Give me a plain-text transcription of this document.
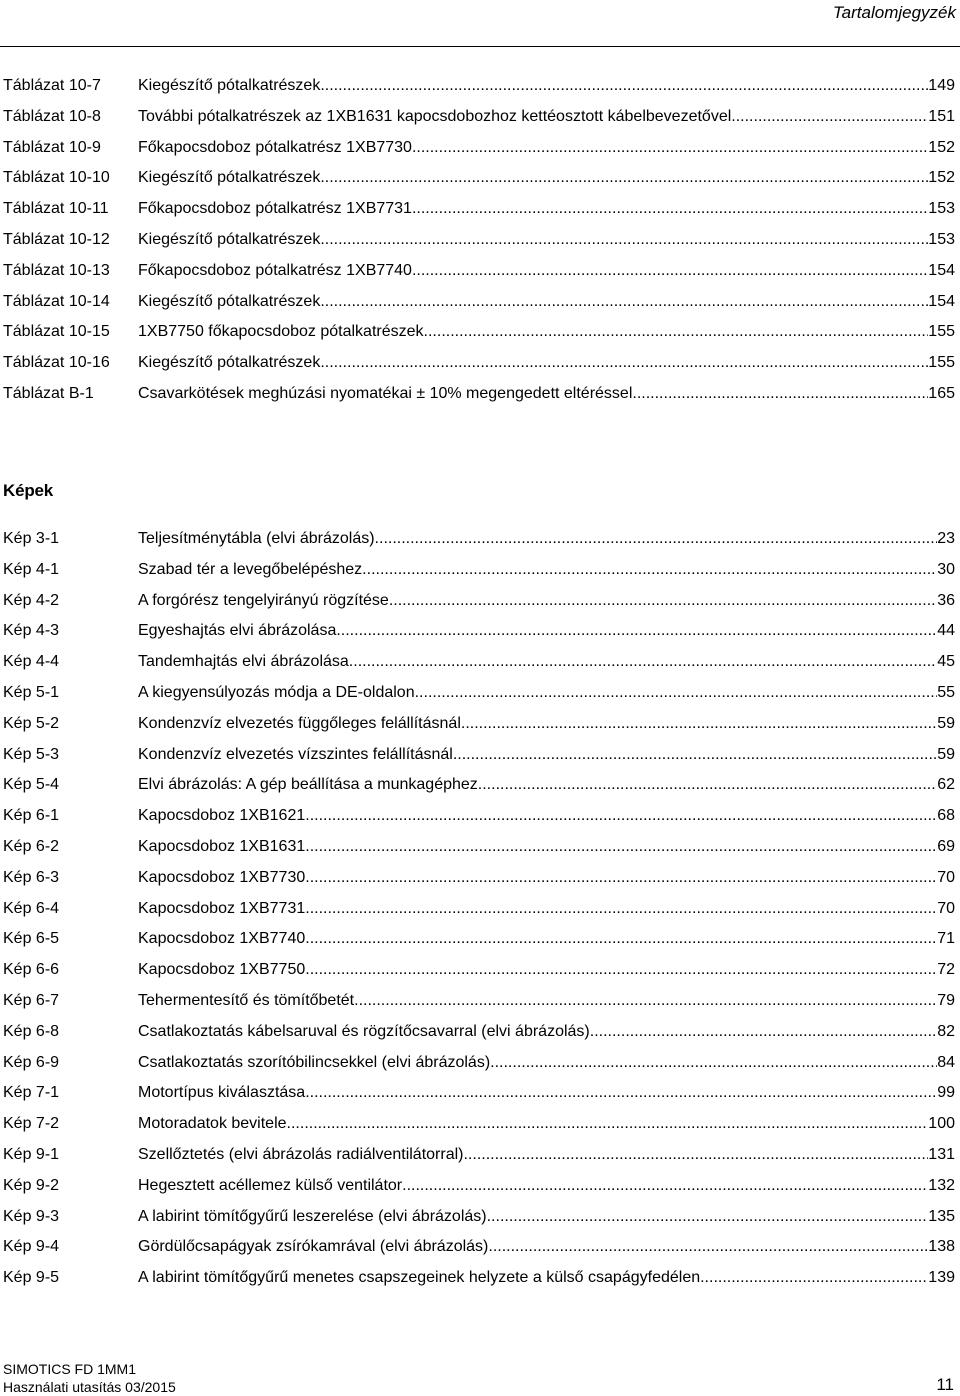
Tartalomjegyzék
Táblázat 10-7	Kiegészítő pótalkatrészek .....	149
Táblázat 10-8	További pótalkatrészek az 1XB1631 kapocsdobozhoz kettéosztott kábelbevezetővel .....	151
Táblázat 10-9	Főkapocsdoboz pótalkatrész 1XB7730 .....	152
Táblázat 10-10	Kiegészítő pótalkatrészek .....	152
Táblázat 10-11	Főkapocsdoboz pótalkatrész 1XB7731 .....	153
Táblázat 10-12	Kiegészítő pótalkatrészek .....	153
Táblázat 10-13	Főkapocsdoboz pótalkatrész 1XB7740 .....	154
Táblázat 10-14	Kiegészítő pótalkatrészek .....	154
Táblázat 10-15	1XB7750 főkapocsdoboz pótalkatrészek .....	155
Táblázat 10-16	Kiegészítő pótalkatrészek .....	155
Táblázat B-1	Csavarkötések meghúzási nyomatékai ± 10% megengedett eltéréssel .....	165
Képek
Kép 3-1	Teljesítménytábla (elvi ábrázolás) .....	23
Kép 4-1	Szabad tér a levegőbelépéshez .....	30
Kép 4-2	A forgórész tengelyirányú rögzítése .....	36
Kép 4-3	Egyeshajtás elvi ábrázolása .....	44
Kép 4-4	Tandemhajtás elvi ábrázolása .....	45
Kép 5-1	A kiegyensúlyozás módja a DE-oldalon .....	55
Kép 5-2	Kondenzvíz elvezetés függőleges felállításnál .....	59
Kép 5-3	Kondenzvíz elvezetés vízszintes felállításnál .....	59
Kép 5-4	Elvi ábrázolás: A gép beállítása a munkagéphez .....	62
Kép 6-1	Kapocsdoboz 1XB1621 .....	68
Kép 6-2	Kapocsdoboz 1XB1631 .....	69
Kép 6-3	Kapocsdoboz 1XB7730 .....	70
Kép 6-4	Kapocsdoboz 1XB7731 .....	70
Kép 6-5	Kapocsdoboz 1XB7740 .....	71
Kép 6-6	Kapocsdoboz 1XB7750 .....	72
Kép 6-7	Tehermentesítő és tömítőbetét .....	79
Kép 6-8	Csatlakoztatás kábelsaruval és rögzítőcsavarral (elvi ábrázolás) .....	82
Kép 6-9	Csatlakoztatás szorítóbilincsekkel (elvi ábrázolás) .....	84
Kép 7-1	Motortípus kiválasztása .....	99
Kép 7-2	Motoradatok bevitele .....	100
Kép 9-1	Szellőztetés (elvi ábrázolás radiálventilátorral) .....	131
Kép 9-2	Hegesztett acéllemez külső ventilátor .....	132
Kép 9-3	A labirint tömítőgyűrű leszerelése (elvi ábrázolás) .....	135
Kép 9-4	Gördülőcsapágyak zsírókamrával (elvi ábrázolás) .....	138
Kép 9-5	A labirint tömítőgyűrű menetes csapszegeinek helyzete a külső csapágyfedélen .....	139
SIMOTICS FD 1MM1
Használati utasítás 03/2015	11
